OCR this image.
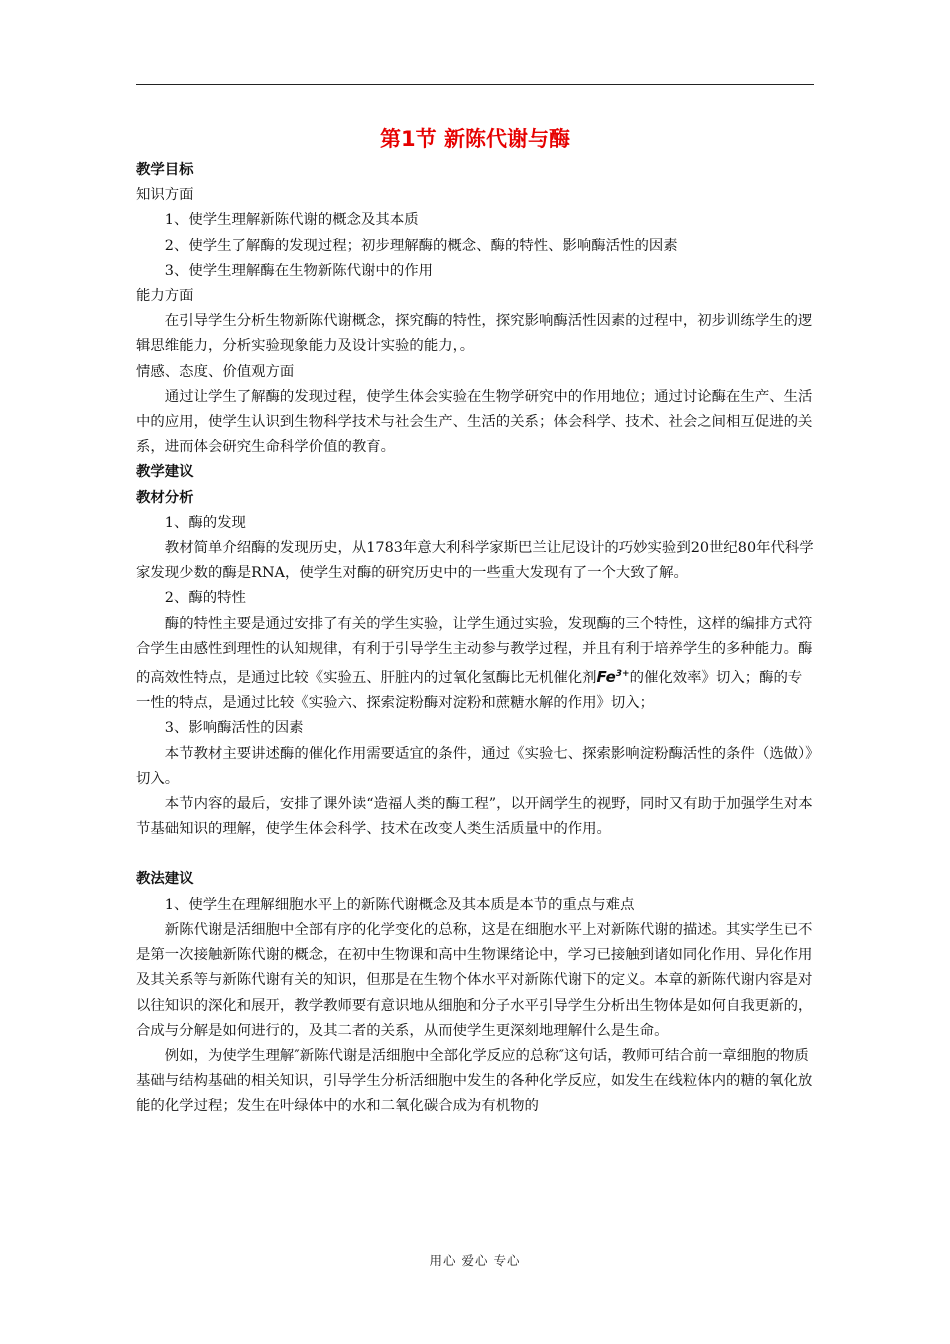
第1节 新陈代谢与酶

教学目标

知识方面

1、使学生理解新陈代谢的概念及其本质

2、使学生了解酶的发现过程；初步理解酶的概念、酶的特性、影响酶活性的因素

3、使学生理解酶在生物新陈代谢中的作用

能力方面

在引导学生分析生物新陈代谢概念，探究酶的特性，探究影响酶活性因素的过程中，初步训练学生的逻辑思维能力，分析实验现象能力及设计实验的能力，。

情感、态度、价值观方面

通过让学生了解酶的发现过程，使学生体会实验在生物学研究中的作用地位；通过讨论酶在生产、生活中的应用，使学生认识到生物科学技术与社会生产、生活的关系；体会科学、技术、社会之间相互促进的关系，进而体会研究生命科学价值的教育。

教学建议

教材分析

1、酶的发现

教材简单介绍酶的发现历史，从1783年意大利科学家斯巴兰让尼设计的巧妙实验到20世纪80年代科学家发现少数的酶是RNA，使学生对酶的研究历史中的一些重大发现有了一个大致了解。

2、酶的特性

酶的特性主要是通过安排了有关的学生实验，让学生通过实验，发现酶的三个特性，这样的编排方式符合学生由感性到理性的认知规律，有利于引导学生主动参与教学过程，并且有利于培养学生的多种能力。酶的高效性特点，是通过比较《实验五、肝脏内的过氧化氢酶比无机催化剂$Fe^{3+}$的催化效率》切入；酶的专一性的特点，是通过比较《实验六、探索淀粉酶对淀粉和蔗糖水解的作用》切入；

3、影响酶活性的因素

本节教材主要讲述酶的催化作用需要适宜的条件，通过《实验七、探索影响淀粉酶活性的条件（选做）》切入。

本节内容的最后，安排了课外读“造福人类的酶工程”，以开阔学生的视野，同时又有助于加强学生对本节基础知识的理解，使学生体会科学、技术在改变人类生活质量中的作用。

教法建议

1、使学生在理解细胞水平上的新陈代谢概念及其本质是本节的重点与难点

新陈代谢是活细胞中全部有序的化学变化的总称，这是在细胞水平上对新陈代谢的描述。其实学生已不是第一次接触新陈代谢的概念，在初中生物课和高中生物课绪论中，学习已接触到诸如同化作用、异化作用及其关系等与新陈代谢有关的知识，但那是在生物个体水平对新陈代谢下的定义。本章的新陈代谢内容是对以往知识的深化和展开，教学教师要有意识地从细胞和分子水平引导学生分析出生物体是如何自我更新的，合成与分解是如何进行的，及其二者的关系，从而使学生更深刻地理解什么是生命。

例如，为使学生理解″新陈代谢是活细胞中全部化学反应的总称″这句话，教师可结合前一章细胞的物质基础与结构基础的相关知识，引导学生分析活细胞中发生的各种化学反应，如发生在线粒体内的糖的氧化放能的化学过程；发生在叶绿体中的水和二氧化碳合成为有机物的

用心 爱心 专心
